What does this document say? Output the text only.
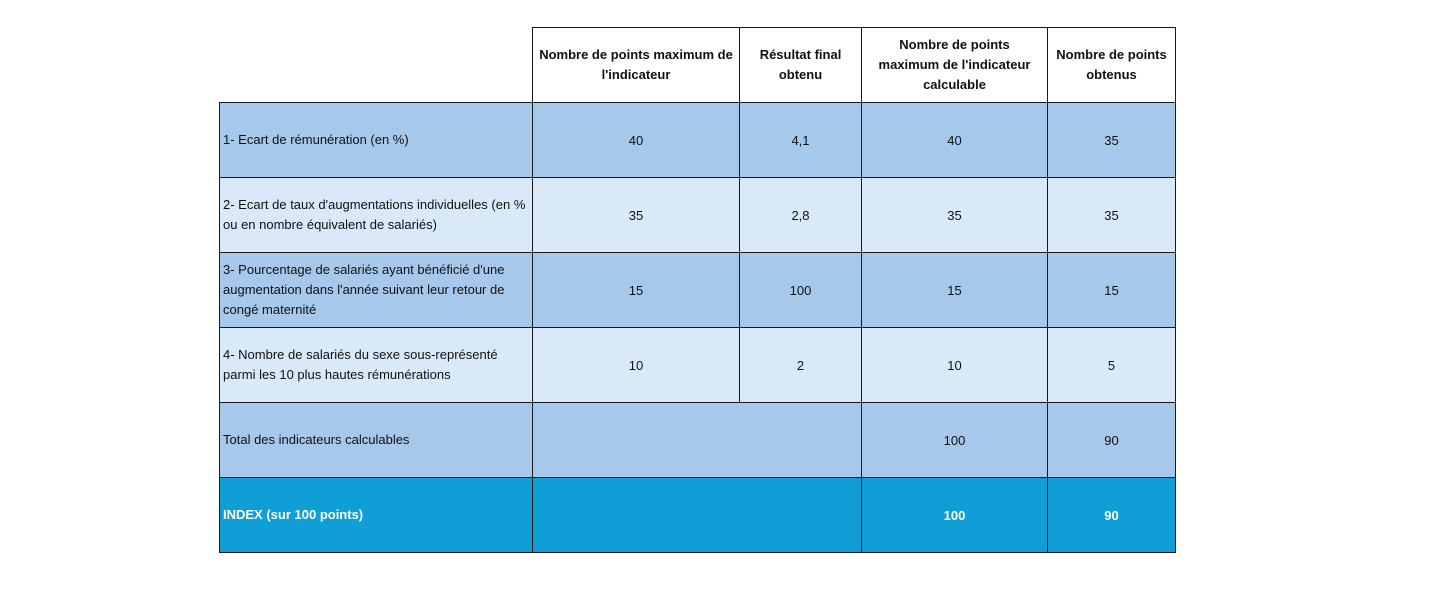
	Nombre de points maximum de l'indicateur	Résultat final obtenu	Nombre de points maximum de l'indicateur calculable	Nombre de points obtenus
1- Ecart de rémunération (en %)	40	4,1	40	35
2- Ecart de taux d'augmentations individuelles (en % ou en nombre équivalent de salariés)	35	2,8	35	35
3- Pourcentage de salariés ayant bénéficié d'une augmentation dans l'année suivant leur retour de congé maternité	15	100	15	15
4- Nombre de salariés du sexe sous-représenté parmi les 10 plus hautes rémunérations	10	2	10	5
Total des indicateurs calculables			100	90
INDEX (sur 100 points)			100	90
